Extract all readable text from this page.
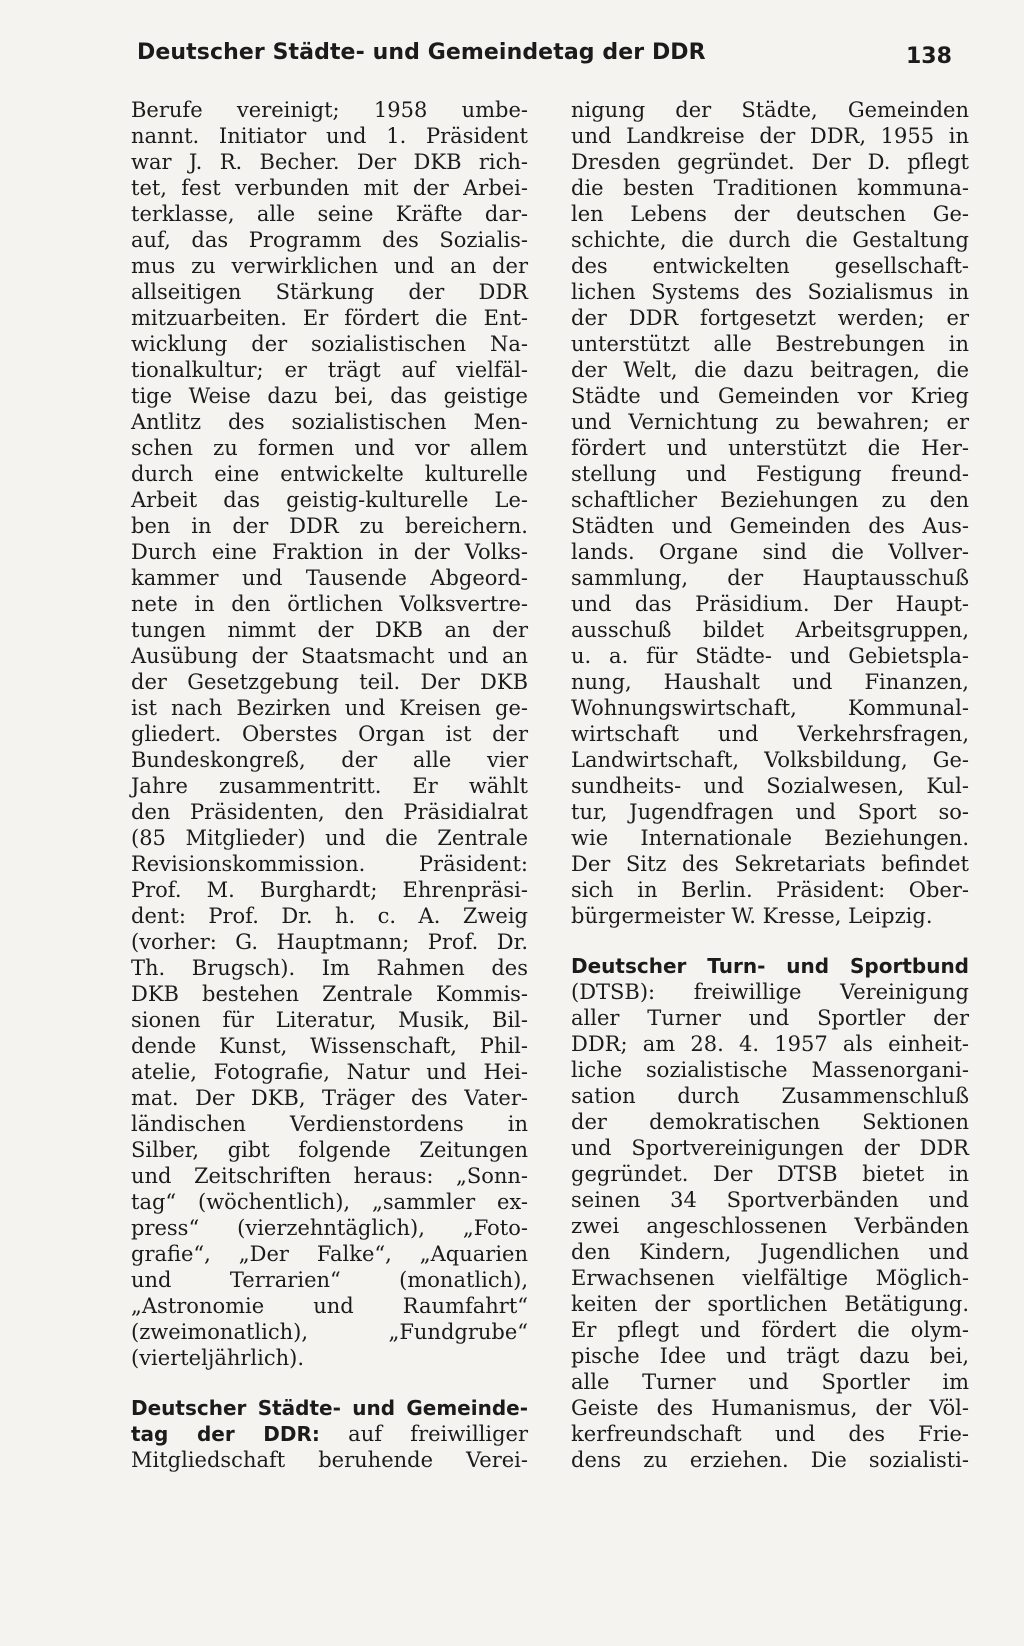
Deutscher Städte- und Gemeindetag der DDR	138
Berufe vereinigt; 1958 umbe-
nannt. Initiator und 1. Präsident
war J. R. Becher. Der DKB rich-
tet, fest verbunden mit der Arbei-
terklasse, alle seine Kräfte dar-
auf, das Programm des Sozialis-
mus zu verwirklichen und an der
allseitigen Stärkung der DDR
mitzuarbeiten. Er fördert die Ent-
wicklung der sozialistischen Na-
tionalkultur; er trägt auf vielfäl-
tige Weise dazu bei, das geistige
Antlitz des sozialistischen Men-
schen zu formen und vor allem
durch eine entwickelte kulturelle
Arbeit das geistig-kulturelle Le-
ben in der DDR zu bereichern.
Durch eine Fraktion in der Volks-
kammer und Tausende Abgeord-
nete in den örtlichen Volksvertre-
tungen nimmt der DKB an der
Ausübung der Staatsmacht und an
der Gesetzgebung teil. Der DKB
ist nach Bezirken und Kreisen ge-
gliedert. Oberstes Organ ist der
Bundeskongreß, der alle vier
Jahre zusammentritt. Er wählt
den Präsidenten, den Präsidialrat
(85 Mitglieder) und die Zentrale
Revisionskommission. Präsident:
Prof. M. Burghardt; Ehrenpräsi-
dent: Prof. Dr. h. c. A. Zweig
(vorher: G. Hauptmann; Prof. Dr.
Th. Brugsch). Im Rahmen des
DKB bestehen Zentrale Kommis-
sionen für Literatur, Musik, Bil-
dende Kunst, Wissenschaft, Phil-
atelie, Fotografie, Natur und Hei-
mat. Der DKB, Träger des Vater-
ländischen Verdienstordens in
Silber, gibt folgende Zeitungen
und Zeitschriften heraus: „Sonn-
tag“ (wöchentlich), „sammler ex-
press“ (vierzehntäglich), „Foto-
grafie“, „Der Falke“, „Aquarien
und Terrarien“ (monatlich),
„Astronomie und Raumfahrt“
(zweimonatlich), „Fundgrube“
(vierteljährlich).
Deutscher Städte- und Gemeinde-
tag der DDR: auf freiwilliger
Mitgliedschaft beruhende Verei-
nigung der Städte, Gemeinden
und Landkreise der DDR, 1955 in
Dresden gegründet. Der D. pflegt
die besten Traditionen kommuna-
len Lebens der deutschen Ge-
schichte, die durch die Gestaltung
des entwickelten gesellschaft-
lichen Systems des Sozialismus in
der DDR fortgesetzt werden; er
unterstützt alle Bestrebungen in
der Welt, die dazu beitragen, die
Städte und Gemeinden vor Krieg
und Vernichtung zu bewahren; er
fördert und unterstützt die Her-
stellung und Festigung freund-
schaftlicher Beziehungen zu den
Städten und Gemeinden des Aus-
lands. Organe sind die Vollver-
sammlung, der Hauptausschuß
und das Präsidium. Der Haupt-
ausschuß bildet Arbeitsgruppen,
u. a. für Städte- und Gebietspla-
nung, Haushalt und Finanzen,
Wohnungswirtschaft, Kommunal-
wirtschaft und Verkehrsfragen,
Landwirtschaft, Volksbildung, Ge-
sundheits- und Sozialwesen, Kul-
tur, Jugendfragen und Sport so-
wie Internationale Beziehungen.
Der Sitz des Sekretariats befindet
sich in Berlin. Präsident: Ober-
bürgermeister W. Kresse, Leipzig.
Deutscher Turn- und Sportbund
(DTSB): freiwillige Vereinigung
aller Turner und Sportler der
DDR; am 28. 4. 1957 als einheit-
liche sozialistische Massenorgani-
sation durch Zusammenschluß
der demokratischen Sektionen
und Sportvereinigungen der DDR
gegründet. Der DTSB bietet in
seinen 34 Sportverbänden und
zwei angeschlossenen Verbänden
den Kindern, Jugendlichen und
Erwachsenen vielfältige Möglich-
keiten der sportlichen Betätigung.
Er pflegt und fördert die olym-
pische Idee und trägt dazu bei,
alle Turner und Sportler im
Geiste des Humanismus, der Völ-
kerfreundschaft und des Frie-
dens zu erziehen. Die sozialisti-
